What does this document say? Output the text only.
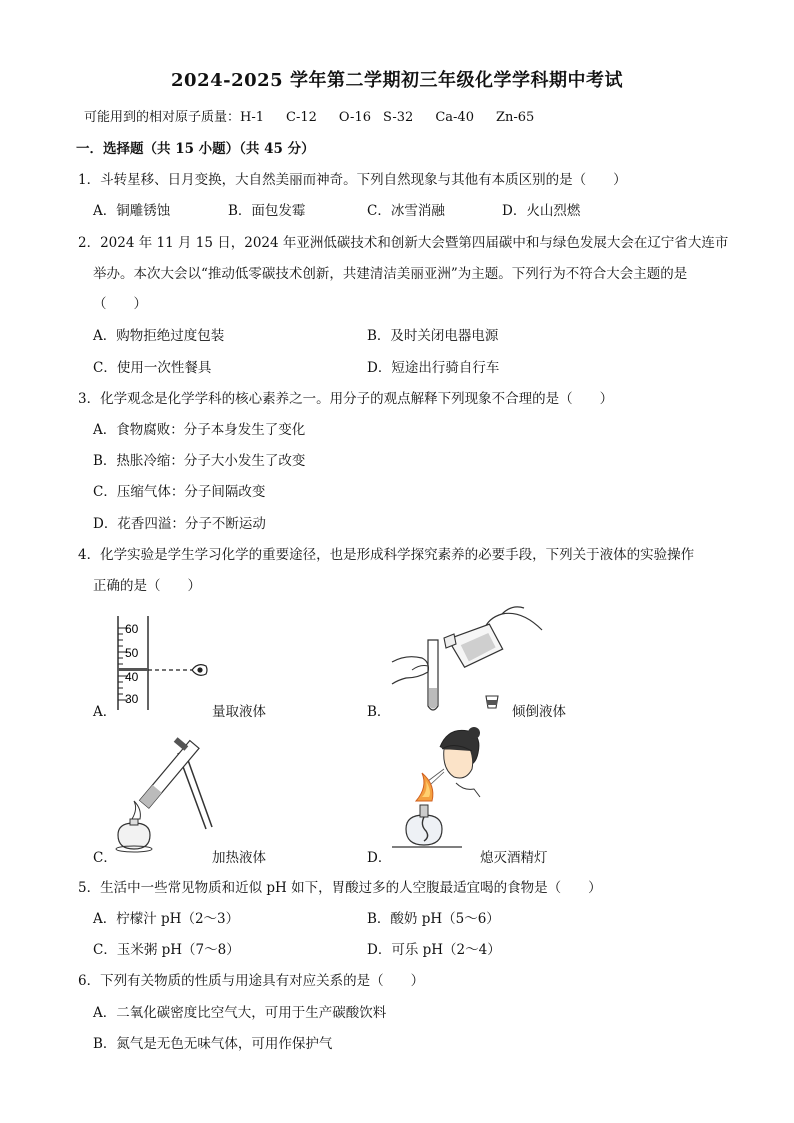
2024-2025 学年第二学期初三年级化学学科期中考试
可能用到的相对原子质量：H-1 C-12 O-16 S-32 Ca-40 Zn-65
一．选择题（共 15 小题）（共 45 分）
1．斗转星移、日月变换，大自然美丽而神奇。下列自然现象与其他有本质区别的是（　　）
A．铜雕锈蚀	B．面包发霉	C．冰雪消融	D．火山烈燃
2．2024 年 11 月 15 日，2024 年亚洲低碳技术和创新大会暨第四届碳中和与绿色发展大会在辽宁省大连市
举办。本次大会以“推动低零碳技术创新，共建清洁美丽亚洲”为主题。下列行为不符合大会主题的是
（　　）
A．购物拒绝过度包装	B．及时关闭电器电源
C．使用一次性餐具	D．短途出行骑自行车
3．化学观念是化学学科的核心素养之一。用分子的观点解释下列现象不合理的是（　　）
A．食物腐败：分子本身发生了变化
B．热胀冷缩：分子大小发生了改变
C．压缩气体：分子间隔改变
D．花香四溢：分子不断运动
4．化学实验是学生学习化学的重要途径，也是形成科学探究素养的必要手段，下列关于液体的实验操作
正确的是（　　）
A．
60
50
40
30
量取液体	B．	倾倒液体
C．	加热液体	D．	熄灭酒精灯
5．生活中一些常见物质和近似 pH 如下，胃酸过多的人空腹最适宜喝的食物是（　　）
A．柠檬汁 pH（2～3）	B．酸奶 pH（5～6）
C．玉米粥 pH（7～8）	D．可乐 pH（2～4）
6．下列有关物质的性质与用途具有对应关系的是（　　）
A．二氧化碳密度比空气大，可用于生产碳酸饮料
B．氮气是无色无味气体，可用作保护气
